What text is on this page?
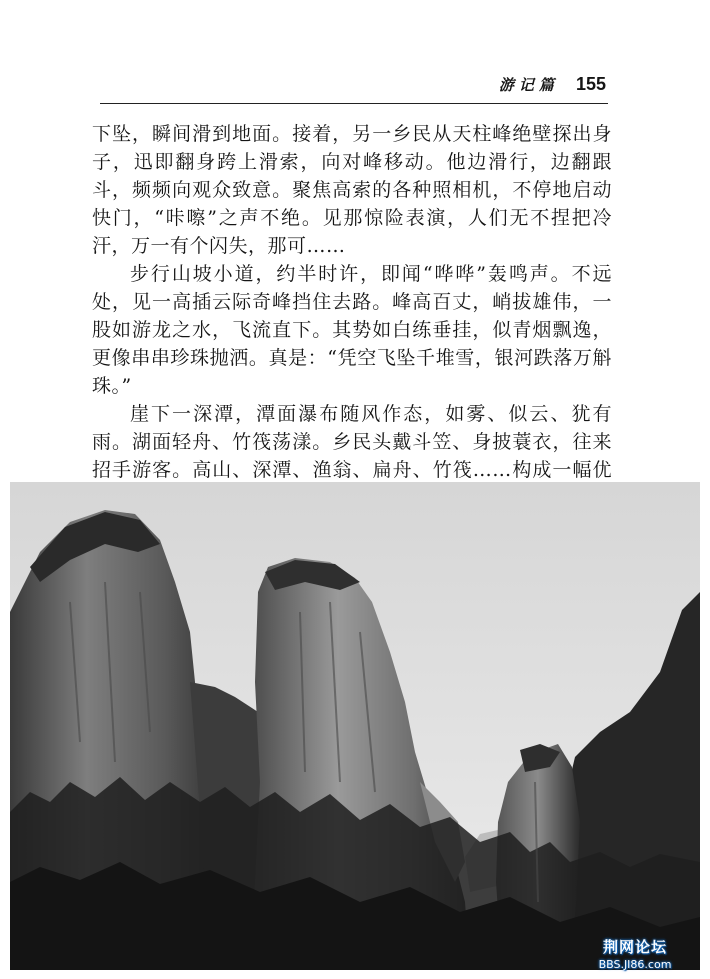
游记篇 155

下坠，瞬间滑到地面。接着，另一乡民从天柱峰绝壁探出身子，迅即翻身跨上滑索，向对峰移动。他边滑行，边翻跟斗，频频向观众致意。聚焦高索的各种照相机，不停地启动快门，“咔嚓”之声不绝。见那惊险表演，人们无不捏把冷汗，万一有个闪失，那可……

步行山坡小道，约半时许，即闻“哗哗”轰鸣声。不远处，见一高插云际奇峰挡住去路。峰高百丈，峭拔雄伟，一股如游龙之水，飞流直下。其势如白练垂挂，似青烟飘逸，更像串串珍珠抛洒。真是：“凭空飞坠千堆雪，银河跌落万斛珠。”

崖下一深潭，潭面瀑布随风作态，如雾、似云、犹有雨。湖面轻舟、竹筏荡漾。乡民头戴斗笠、身披蓑衣，往来招手游客。高山、深潭、渔翁、扁舟、竹筏……构成一幅优

荆网论坛
BBS.JI86.com
